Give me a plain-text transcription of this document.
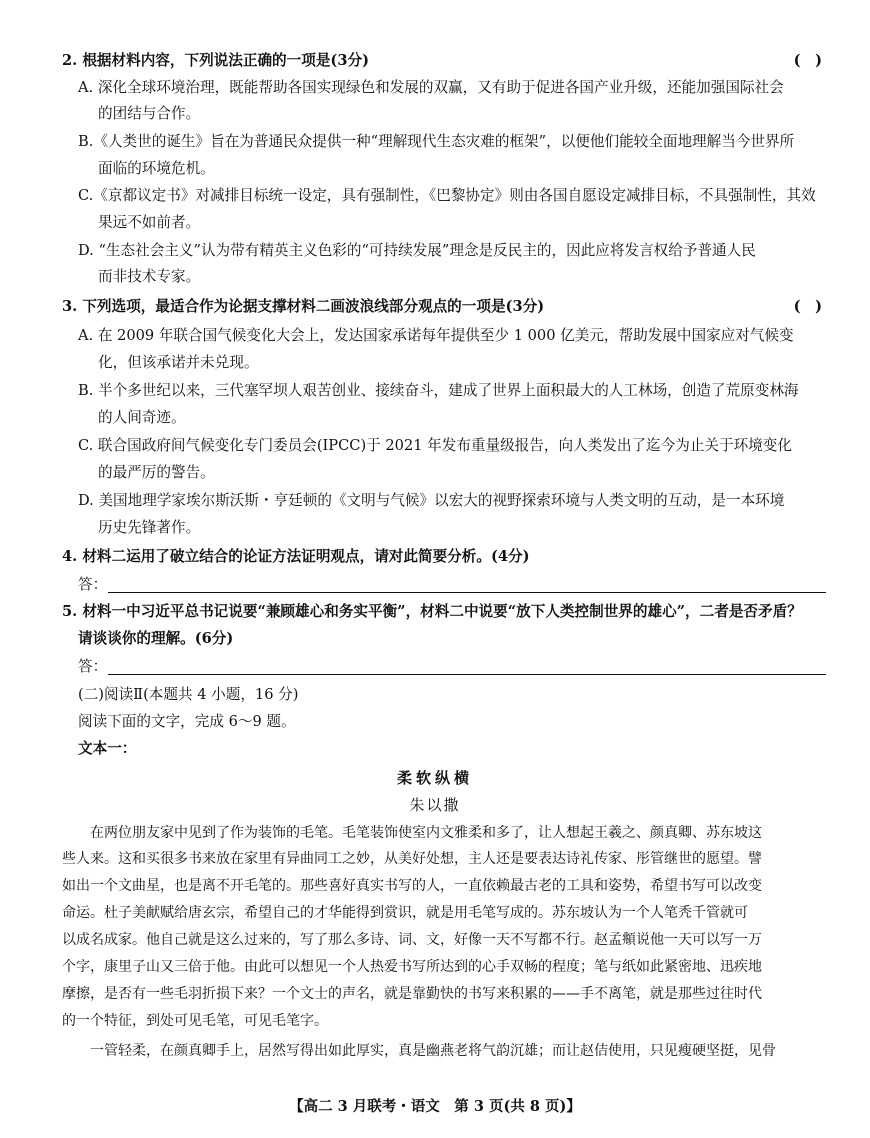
2. 根据材料内容，下列说法正确的一项是(3分)	(　)
A. 深化全球环境治理，既能帮助各国实现绿色和发展的双赢，又有助于促进各国产业升级，还能加强国际社会
的团结与合作。
B.《人类世的诞生》旨在为普通民众提供一种“理解现代生态灾难的框架”，以便他们能较全面地理解当今世界所
面临的环境危机。
C.《京都议定书》对减排目标统一设定，具有强制性，《巴黎协定》则由各国自愿设定减排目标，不具强制性，其效
果远不如前者。
D. “生态社会主义”认为带有精英主义色彩的“可持续发展”理念是反民主的，因此应将发言权给予普通人民
而非技术专家。
3. 下列选项，最适合作为论据支撑材料二画波浪线部分观点的一项是(3分)	(　)
A. 在 2009 年联合国气候变化大会上，发达国家承诺每年提供至少 1 000 亿美元，帮助发展中国家应对气候变
化，但该承诺并未兑现。
B. 半个多世纪以来，三代塞罕坝人艰苦创业、接续奋斗，建成了世界上面积最大的人工林场，创造了荒原变林海
的人间奇迹。
C. 联合国政府间气候变化专门委员会(IPCC)于 2021 年发布重量级报告，向人类发出了迄今为止关于环境变化
的最严厉的警告。
D. 美国地理学家埃尔斯沃斯・亨廷顿的《文明与气候》以宏大的视野探索环境与人类文明的互动，是一本环境
历史先锋著作。
4. 材料二运用了破立结合的论证方法证明观点，请对此简要分析。(4分)
答：
5. 材料一中习近平总书记说要“兼顾雄心和务实平衡”，材料二中说要“放下人类控制世界的雄心”，二者是否矛盾？
请谈谈你的理解。(6分)
答：
(二)阅读Ⅱ(本题共 4 小题，16 分)
阅读下面的文字，完成 6～9 题。
文本一：
柔软纵横
朱以撒
　　在两位朋友家中见到了作为装饰的毛笔。毛笔装饰使室内文雅柔和多了，让人想起王羲之、颜真卿、苏东坡这
些人来。这和买很多书来放在家里有异曲同工之妙，从美好处想，主人还是要表达诗礼传家、彤管继世的愿望。譬
如出一个文曲星，也是离不开毛笔的。那些喜好真实书写的人，一直依赖最古老的工具和姿势，希望书写可以改变
命运。杜子美献赋给唐玄宗，希望自己的才华能得到赏识，就是用毛笔写成的。苏东坡认为一个人笔秃千管就可
以成名成家。他自己就是这么过来的，写了那么多诗、词、文，好像一天不写都不行。赵孟頫说他一天可以写一万
个字，康里子山又三倍于他。由此可以想见一个人热爱书写所达到的心手双畅的程度；笔与纸如此紧密地、迅疾地
摩擦，是否有一些毛羽折损下来？一个文士的声名，就是靠勤快的书写来积累的——手不离笔，就是那些过往时代
的一个特征，到处可见毛笔，可见毛笔字。
　　一管轻柔，在颜真卿手上，居然写得出如此厚实，真是幽燕老将气韵沉雄；而让赵佶使用，只见瘦硬坚挺，见骨
【高二 3 月联考・语文　第 3 页(共 8 页)】
